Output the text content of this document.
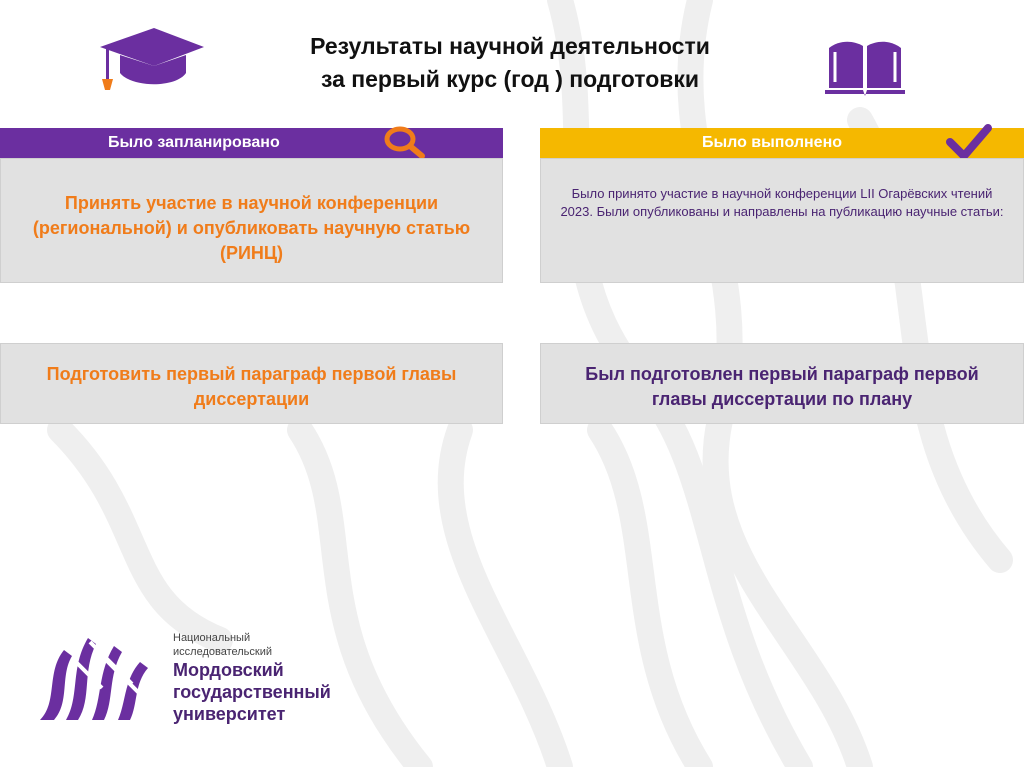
Результаты научной деятельности
за первый курс (год ) подготовки
Было запланировано	Было выполнено
Принять участие в научной конференции (региональной) и опубликовать научную статью (РИНЦ)
Было принято участие в научной конференции LII Огарёвских чтений 2023. Были опубликованы и направлены на публикацию научные статьи:
Подготовить первый параграф первой главы диссертации
Был подготовлен первый параграф первой главы диссертации по плану
Национальный
исследовательский
Мордовский
государственный
университет
